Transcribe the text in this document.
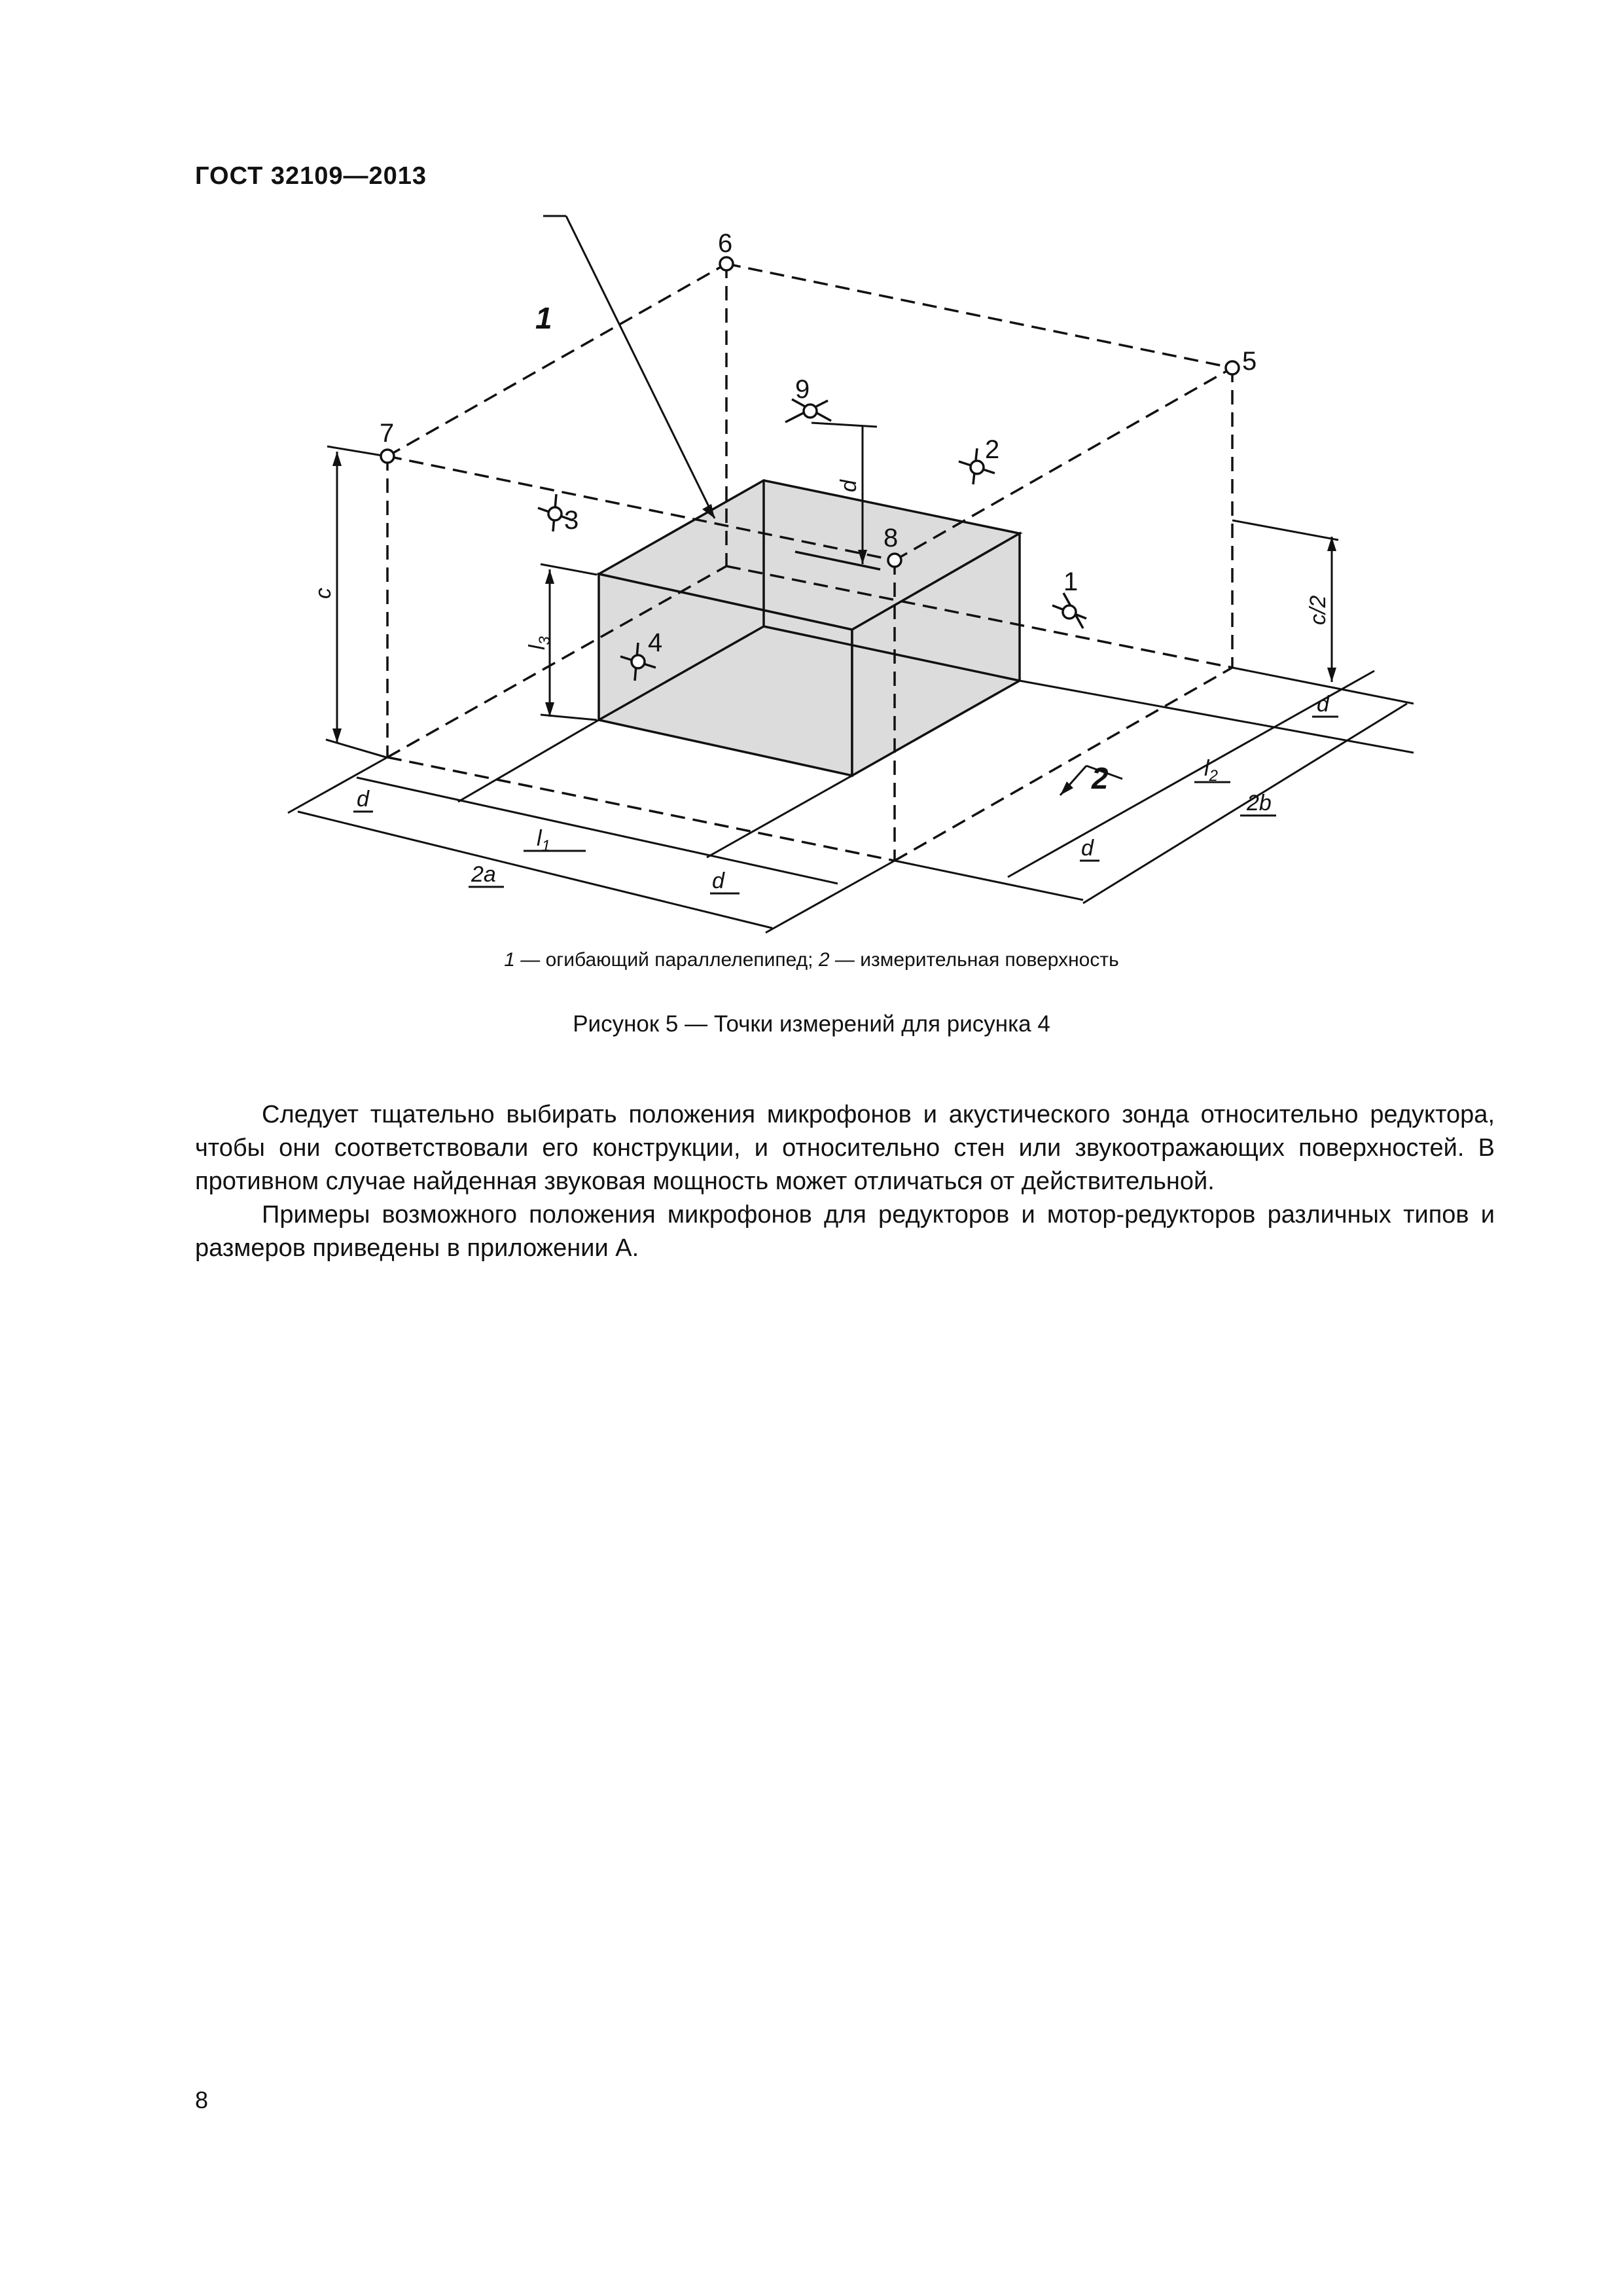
ГОСТ 32109—2013
6
5
7
9
2
3
8
1
4
1
2
c
c/2
$l_3$
d
d
$l_1$
2a	d
d
$l_2$
2b
d
1 — огибающий параллелепипед; 2 — измерительная поверхность
Рисунок 5 — Точки измерений для рисунка 4

Следует тщательно выбирать положения микрофонов и акустического зонда относительно редуктора, чтобы они соответствовали его конструкции, и относительно стен или звукоотражающих поверхностей. В противном случае найденная звуковая мощность может отличаться от действительной.

Примеры возможного положения микрофонов для редукторов и мотор-редукторов различных типов и размеров приведены в приложении А.

8
